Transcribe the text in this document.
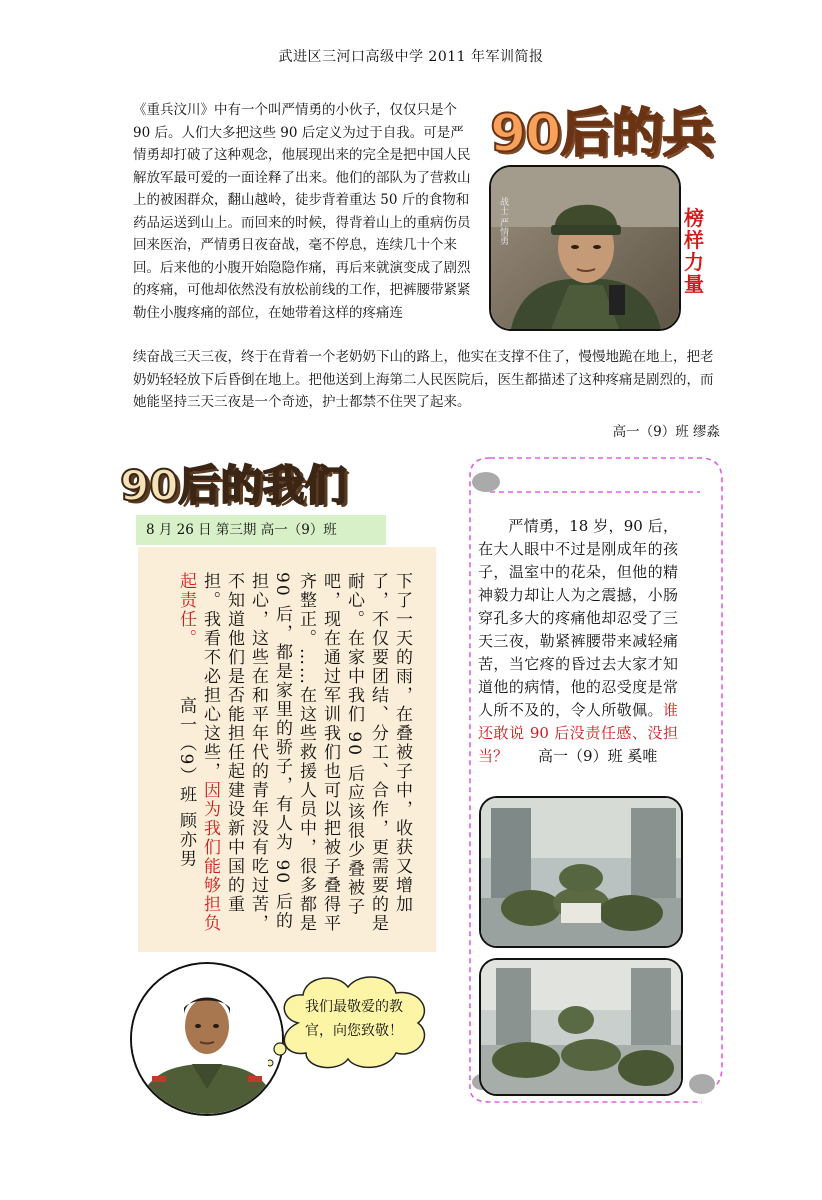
武进区三河口高级中学 2011 年军训简报
《重兵汶川》中有一个叫严情勇的小伙子，仅仅只是个 90 后。人们大多把这些 90 后定义为过于自我。可是严情勇却打破了这种观念，他展现出来的完全是把中国人民解放军最可爱的一面诠释了出来。他们的部队为了营救山上的被困群众，翻山越岭，徒步背着重达 50 斤的食物和药品运送到山上。而回来的时候，得背着山上的重病伤员回来医治，严情勇日夜奋战，毫不停息，连续几十个来回。后来他的小腹开始隐隐作痛，再后来就演变成了剧烈的疼痛，可他却依然没有放松前线的工作，把裤腰带紧紧勒住小腹疼痛的部位，在她带着这样的疼痛连
90后的兵
战士 严情勇	榜样力量
续奋战三天三夜，终于在背着一个老奶奶下山的路上，他实在支撑不住了，慢慢地跪在地上，把老奶奶轻轻放下后昏倒在地上。把他送到上海第二人民医院后，医生都描述了这种疼痛是剧烈的，而她能坚持三天三夜是一个奇迹，护士都禁不住哭了起来。
高一（9）班 缪淼
90后的我们
8 月 26 日 第三期 高一（9）班
下了一天的雨，在叠被子中，收获又增加了，不仅要团结、分工、合作，更需要的是耐心。在家中我们 90 后应该很少叠被子吧，现在通过军训我们也可以把被子叠得平齐整正。……在这些救援人员中，很多都是 90 后，都是家里的骄子，有人为 90 后的担心，这些在和平年代的青年没有吃过苦，不知道他们是否能担任起建设新中国的重担。我看不必担心这些，因为我们能够担负起责任。　　　高一（9）班 顾亦男
　　严情勇，18 岁，90 后，在大人眼中不过是刚成年的孩子，温室中的花朵，但他的精神毅力却让人为之震撼，小肠穿孔多大的疼痛他却忍受了三天三夜，勒紧裤腰带来减轻痛苦，当它疼的昏过去大家才知道他的病情，他的忍受度是常人所不及的，令人所敬佩。谁还敢说 90 后没责任感、没担当？　　 高一（9）班 奚唯
我们最敬爱的教官，向您致敬！
